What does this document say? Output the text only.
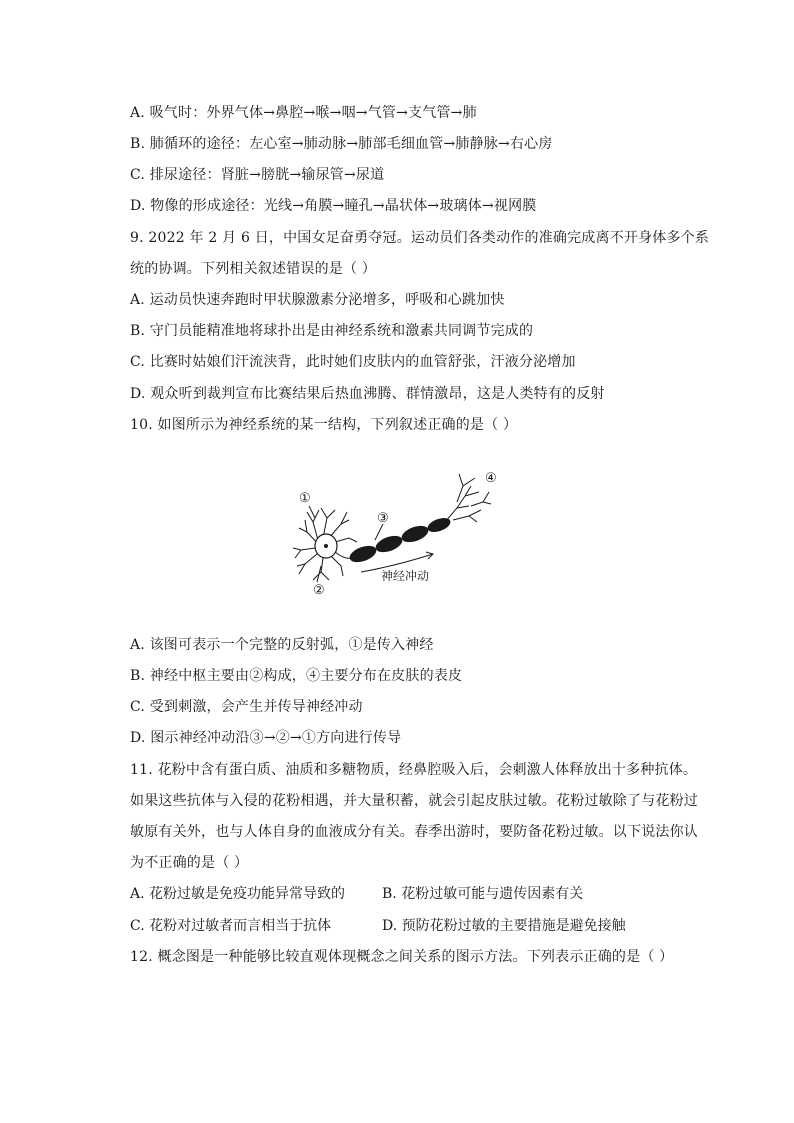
A. 吸气时：外界气体→鼻腔→喉→咽→气管→支气管→肺
B. 肺循环的途径：左心室→肺动脉→肺部毛细血管→肺静脉→右心房
C. 排尿途径：肾脏→膀胱→输尿管→尿道
D. 物像的形成途径：光线→角膜→瞳孔→晶状体→玻璃体→视网膜
9. 2022 年 2 月 6 日，中国女足奋勇夺冠。运动员们各类动作的准确完成离不开身体多个系
统的协调。下列相关叙述错误的是（ ）
A. 运动员快速奔跑时甲状腺激素分泌增多，呼吸和心跳加快
B. 守门员能精准地将球扑出是由神经系统和激素共同调节完成的
C. 比赛时姑娘们汗流浃背，此时她们皮肤内的血管舒张，汗液分泌增加
D. 观众听到裁判宣布比赛结果后热血沸腾、群情激昂，这是人类特有的反射
10. 如图所示为神经系统的某一结构，下列叙述正确的是（ ）
①
②
③
④
神经冲动
A. 该图可表示一个完整的反射弧，①是传入神经
B. 神经中枢主要由②构成，④主要分布在皮肤的表皮
C. 受到刺激，会产生并传导神经冲动
D. 图示神经冲动沿③→②→①方向进行传导
11. 花粉中含有蛋白质、油质和多糖物质，经鼻腔吸入后，会刺激人体释放出十多种抗体。
如果这些抗体与入侵的花粉相遇，并大量积蓄，就会引起皮肤过敏。花粉过敏除了与花粉过
敏原有关外，也与人体自身的血液成分有关。春季出游时，要防备花粉过敏。以下说法你认
为不正确的是（ ）
A. 花粉过敏是免疫功能异常导致的	B. 花粉过敏可能与遗传因素有关
C. 花粉对过敏者而言相当于抗体	D. 预防花粉过敏的主要措施是避免接触
12. 概念图是一种能够比较直观体现概念之间关系的图示方法。下列表示正确的是（ ）
